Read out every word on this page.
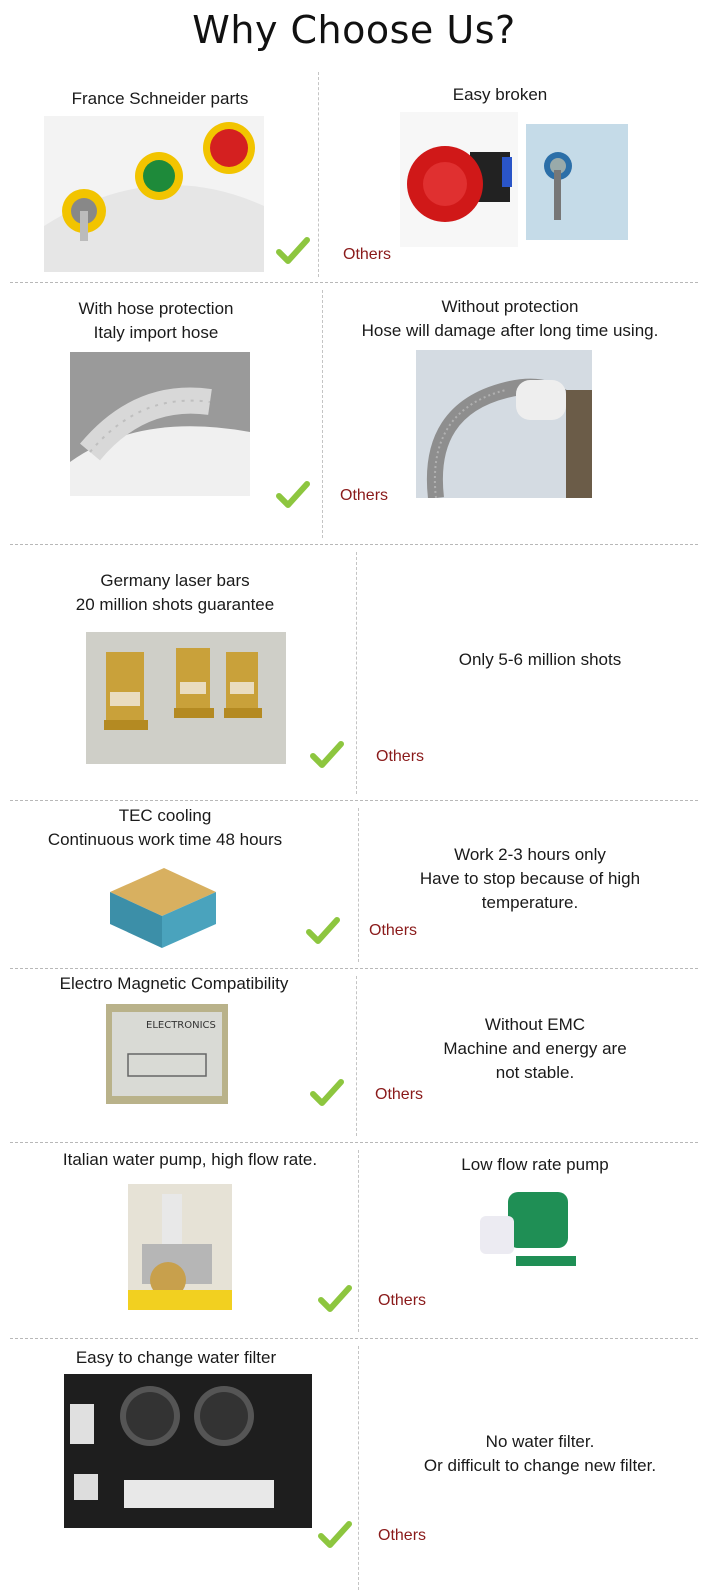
Why Choose Us?
France Schneider parts	Easy broken
Others
With hose protection
Italy import hose
Without protection
Hose will damage after long time using.
Others
Germany laser bars
20 million shots guarantee
Only 5-6 million shots
Others
TEC cooling
Continuous work time 48 hours
Work 2-3 hours only
Have to stop because of high
temperature.
Others
Electro Magnetic Compatibility
Without EMC
Machine and energy are
not stable.
ELECTRONICS
Others
Italian water pump, high flow rate.	Low flow rate pump
Others
Easy to change water filter
No water filter.
Or difficult to change new filter.
Others
